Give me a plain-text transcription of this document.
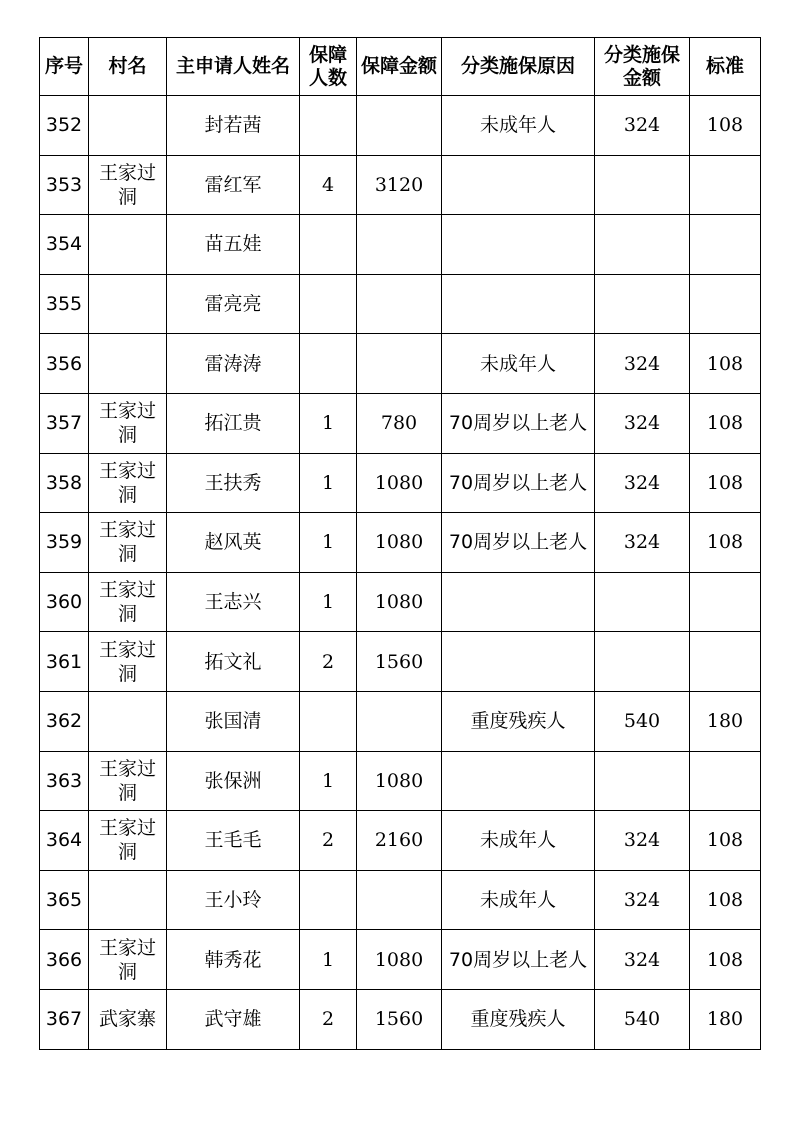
序号	村名	主申请人姓名	保障人数	保障金额	分类施保原因	分类施保金额	标准
352		封若茜			未成年人	324	108
353	王家过洞	雷红军	4	3120			
354		苗五娃					
355		雷亮亮					
356		雷涛涛			未成年人	324	108
357	王家过洞	拓江贵	1	780	70周岁以上老人	324	108
358	王家过洞	王扶秀	1	1080	70周岁以上老人	324	108
359	王家过洞	赵风英	1	1080	70周岁以上老人	324	108
360	王家过洞	王志兴	1	1080			
361	王家过洞	拓文礼	2	1560			
362		张国清			重度残疾人	540	180
363	王家过洞	张保洲	1	1080			
364	王家过洞	王毛毛	2	2160	未成年人	324	108
365		王小玲			未成年人	324	108
366	王家过洞	韩秀花	1	1080	70周岁以上老人	324	108
367	武家寨	武守雄	2	1560	重度残疾人	540	180
